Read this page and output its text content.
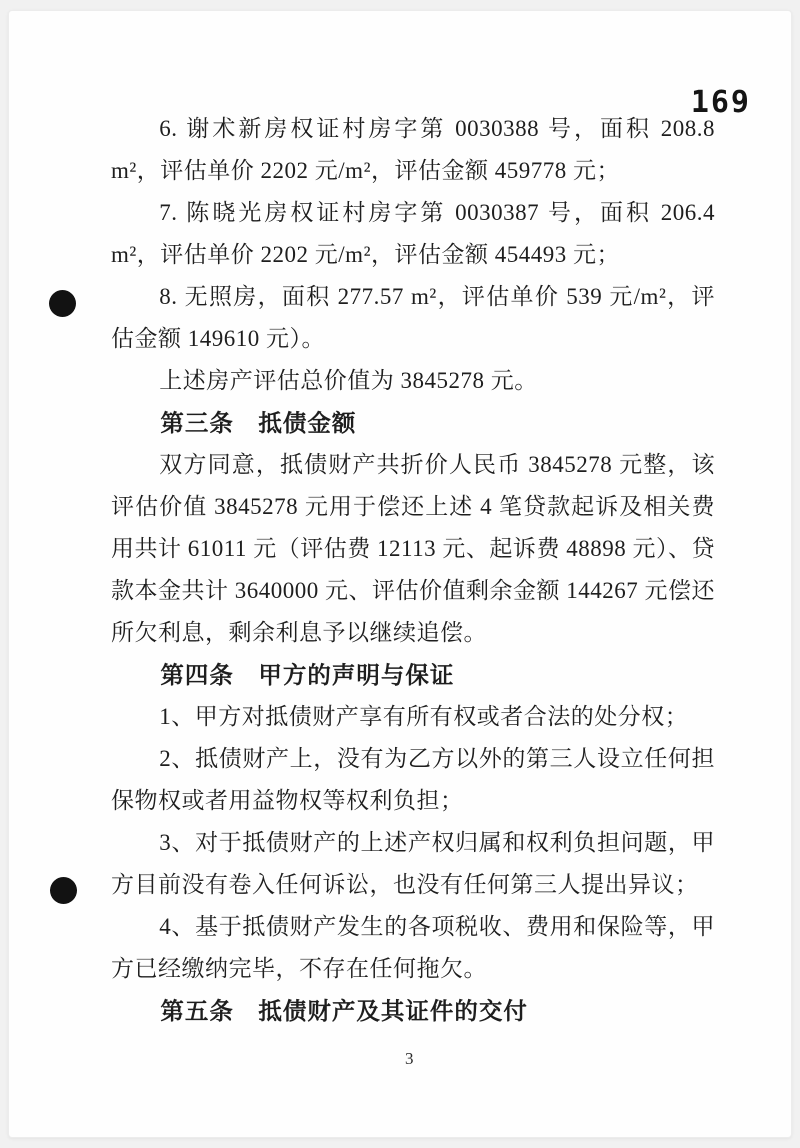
169

6. 谢术新房权证村房字第 0030388 号，面积 208.8 m²，评估单价 2202 元/m²，评估金额 459778 元；

7. 陈晓光房权证村房字第 0030387 号，面积 206.4 m²，评估单价 2202 元/m²，评估金额 454493 元；

8. 无照房，面积 277.57 m²，评估单价 539 元/m²，评估金额 149610 元）。

上述房产评估总价值为 3845278 元。

第三条　抵债金额

双方同意，抵债财产共折价人民币 3845278 元整，该评估价值 3845278 元用于偿还上述 4 笔贷款起诉及相关费用共计 61011 元（评估费 12113 元、起诉费 48898 元）、贷款本金共计 3640000 元、评估价值剩余金额 144267 元偿还所欠利息，剩余利息予以继续追偿。

第四条　甲方的声明与保证

1、甲方对抵债财产享有所有权或者合法的处分权；

2、抵债财产上，没有为乙方以外的第三人设立任何担保物权或者用益物权等权利负担；

3、对于抵债财产的上述产权归属和权利负担问题，甲方目前没有卷入任何诉讼，也没有任何第三人提出异议；

4、基于抵债财产发生的各项税收、费用和保险等，甲方已经缴纳完毕，不存在任何拖欠。

第五条　抵债财产及其证件的交付

3
